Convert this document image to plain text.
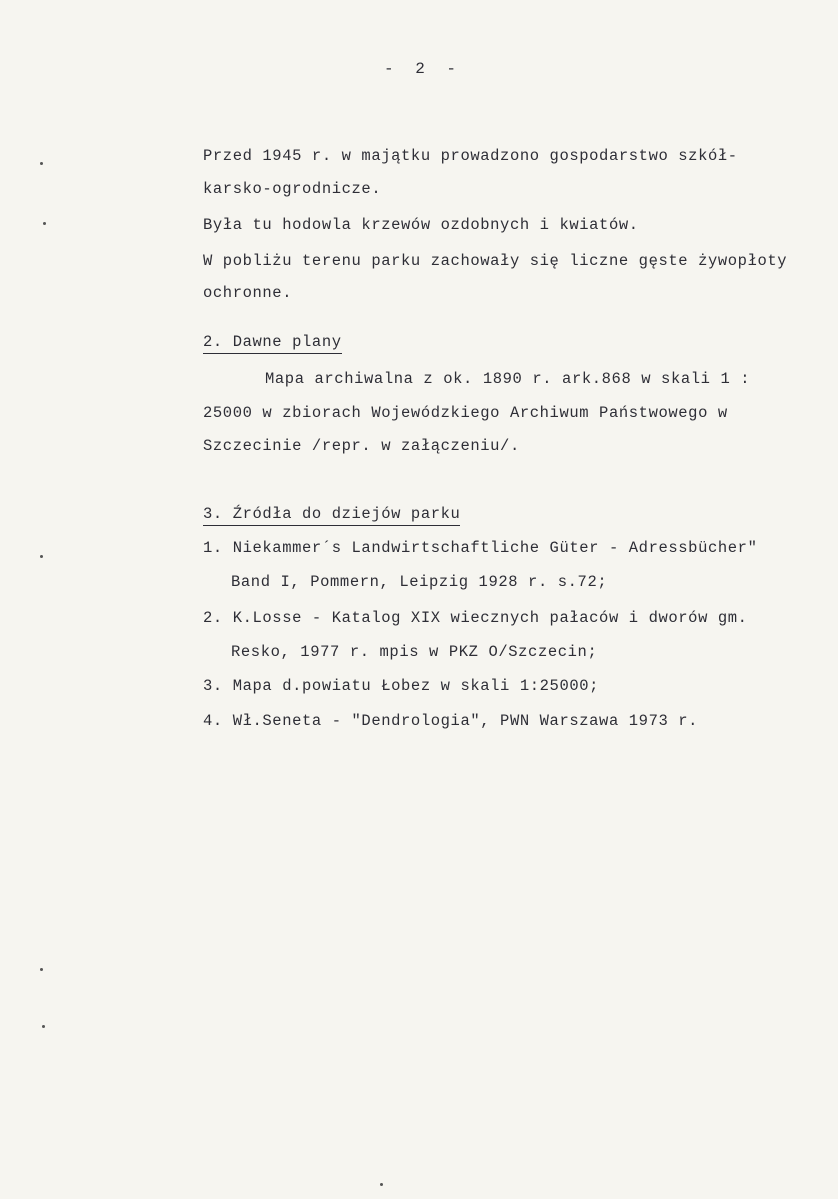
- 2 -
Przed 1945 r. w majątku prowadzono gospodarstwo szkół-
karsko-ogrodnicze.
Była tu hodowla krzewów ozdobnych i kwiatów.
W pobliżu terenu parku zachowały się liczne gęste żywopłoty
ochronne.
2. Dawne plany
Mapa archiwalna z ok. 1890 r. ark.868 w skali 1 :
25000 w zbiorach Wojewódzkiego Archiwum Państwowego w
Szczecinie /repr. w załączeniu/.
3. Źródła do dziejów parku
1. Niekammer´s Landwirtschaftliche Güter - Adressbücher"
Band I, Pommern, Leipzig 1928 r. s.72;
2. K.Losse - Katalog XIX wiecznych pałaców i dworów gm.
Resko, 1977 r. mpis w PKZ O/Szczecin;
3. Mapa d.powiatu Łobez w skali 1:25000;
4. Wł.Seneta - "Dendrologia", PWN Warszawa 1973 r.
